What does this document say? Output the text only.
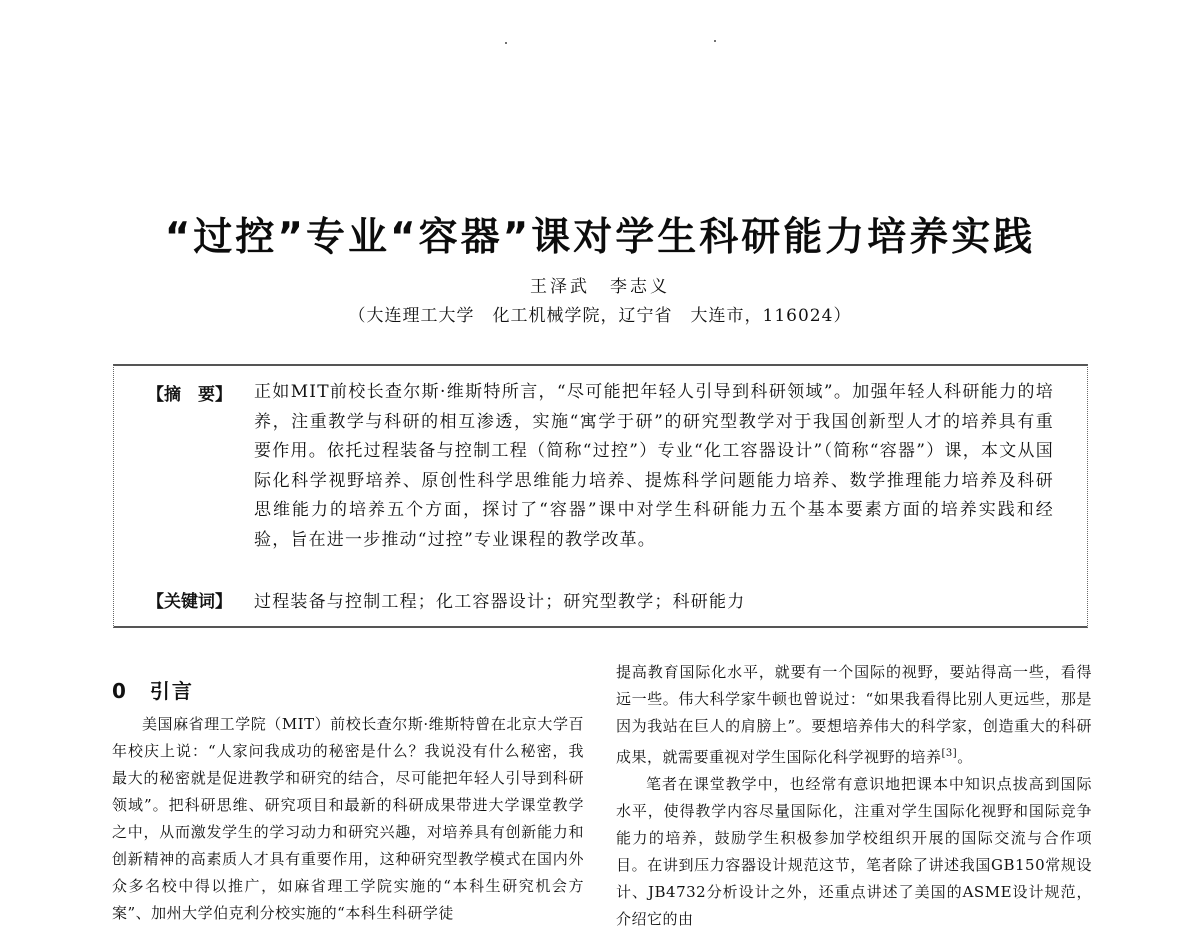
“过控”专业“容器”课对学生科研能力培养实践
王泽武　李志义
（大连理工大学　化工机械学院，辽宁省　大连市，116024）
【摘　要】 正如MIT前校长查尔斯·维斯特所言，“尽可能把年轻人引导到科研领域”。加强年轻人科研能力的培养，注重教学与科研的相互渗透，实施“寓学于研”的研究型教学对于我国创新型人才的培养具有重要作用。依托过程装备与控制工程（简称“过控”）专业“化工容器设计”（简称“容器”）课，本文从国际化科学视野培养、原创性科学思维能力培养、提炼科学问题能力培养、数学推理能力培养及科研思维能力的培养五个方面，探讨了“容器”课中对学生科研能力五个基本要素方面的培养实践和经验，旨在进一步推动“过控”专业课程的教学改革。
【关键词】 过程装备与控制工程；化工容器设计；研究型教学；科研能力
0　引言

美国麻省理工学院（MIT）前校长查尔斯·维斯特曾在北京大学百年校庆上说：“人家问我成功的秘密是什么？我说没有什么秘密，我最大的秘密就是促进教学和研究的结合，尽可能把年轻人引导到科研领域”。把科研思维、研究项目和最新的科研成果带进大学课堂教学之中，从而激发学生的学习动力和研究兴趣，对培养具有创新能力和创新精神的高素质人才具有重要作用，这种研究型教学模式在国内外众多名校中得以推广，如麻省理工学院实施的“本科生研究机会方案”、加州大学伯克利分校实施的“本科生科研学徒

提高教育国际化水平，就要有一个国际的视野，要站得高一些，看得远一些。伟大科学家牛顿也曾说过：“如果我看得比别人更远些，那是因为我站在巨人的肩膀上”。要想培养伟大的科学家，创造重大的科研成果，就需要重视对学生国际化科学视野的培养[3]。

笔者在课堂教学中，也经常有意识地把课本中知识点拔高到国际水平，使得教学内容尽量国际化，注重对学生国际化视野和国际竞争能力的培养，鼓励学生积极参加学校组织开展的国际交流与合作项目。在讲到压力容器设计规范这节，笔者除了讲述我国GB150常规设计、JB4732分析设计之外，还重点讲述了美国的ASME设计规范，介绍它的由
